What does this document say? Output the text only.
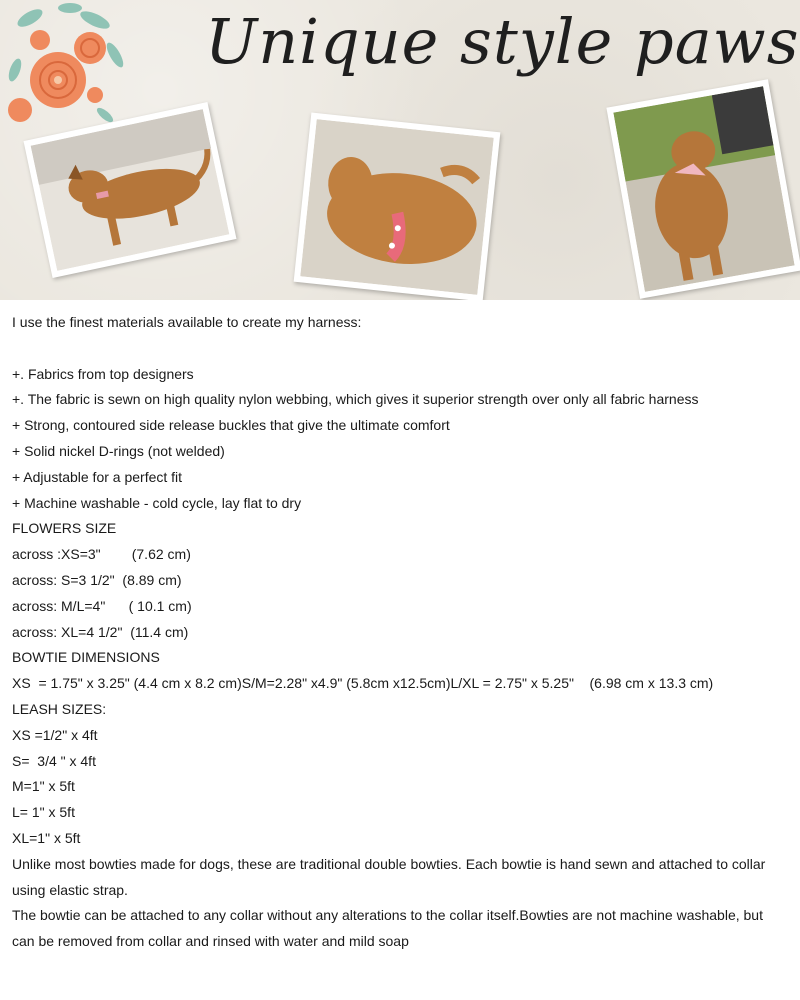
Unique style paws

I use the finest materials available to create my harness:

+. Fabrics from top designers

+. The fabric is sewn on high quality nylon webbing, which gives it superior strength over only all fabric harness

+ Strong, contoured side release buckles that give the ultimate comfort

+ Solid nickel D-rings (not welded)

+ Adjustable for a perfect fit

+ Machine washable - cold cycle, lay flat to dry

FLOWERS SIZE

across :XS=3"        (7.62 cm)

across: S=3 1/2"  (8.89 cm)

across: M/L=4"      ( 10.1 cm)

across: XL=4 1/2"  (11.4 cm)

BOWTIE DIMENSIONS

XS  = 1.75" x 3.25" (4.4 cm x 8.2 cm)S/M=2.28" x4.9" (5.8cm x12.5cm)L/XL = 2.75" x 5.25"    (6.98 cm x 13.3 cm)

LEASH SIZES:

XS =1/2" x 4ft

S=  3/4 " x 4ft

M=1" x 5ft

L= 1" x 5ft

XL=1" x 5ft

Unlike most bowties made for dogs, these are traditional double bowties. Each bowtie is hand sewn and attached to collar using elastic strap.

The bowtie can be attached to any collar without any alterations to the collar itself.Bowties are not machine washable, but can be removed from collar and rinsed with water and mild soap
